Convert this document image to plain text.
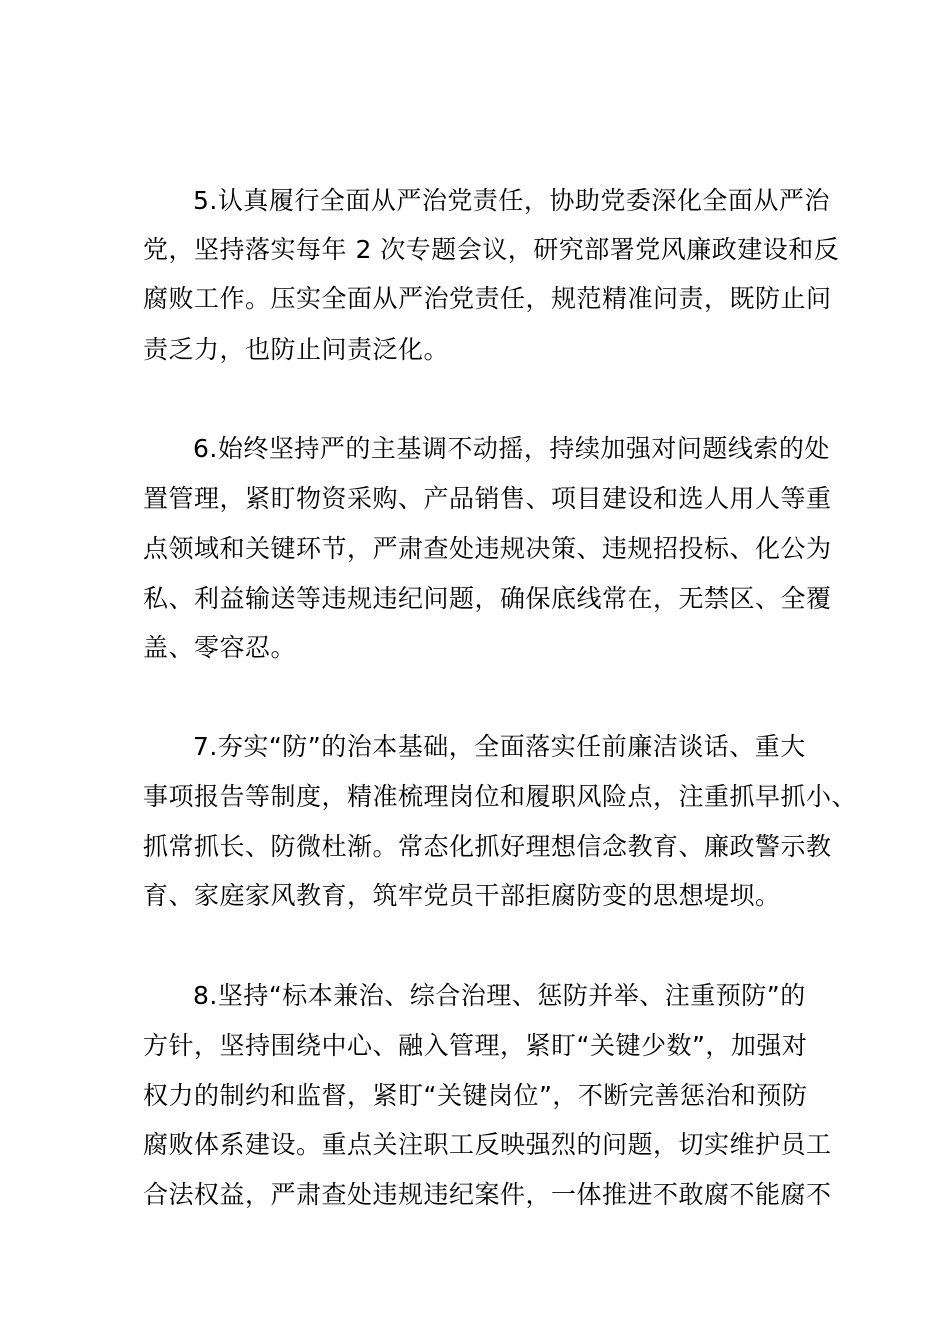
5.认真履行全面从严治党责任，协助党委深化全面从严治
党，坚持落实每年 2 次专题会议，研究部署党风廉政建设和反
腐败工作。压实全面从严治党责任，规范精准问责，既防止问
责乏力，也防止问责泛化。
6.始终坚持严的主基调不动摇，持续加强对问题线索的处
置管理，紧盯物资采购、产品销售、项目建设和选人用人等重
点领域和关键环节，严肃查处违规决策、违规招投标、化公为
私、利益输送等违规违纪问题，确保底线常在，无禁区、全覆
盖、零容忍。
7.夯实“防”的治本基础，全面落实任前廉洁谈话、重大
事项报告等制度，精准梳理岗位和履职风险点，注重抓早抓小、
抓常抓长、防微杜渐。常态化抓好理想信念教育、廉政警示教
育、家庭家风教育，筑牢党员干部拒腐防变的思想堤坝。
8.坚持“标本兼治、综合治理、惩防并举、注重预防”的
方针，坚持围绕中心、融入管理，紧盯“关键少数”，加强对
权力的制约和监督，紧盯“关键岗位”，不断完善惩治和预防
腐败体系建设。重点关注职工反映强烈的问题，切实维护员工
合法权益，严肃查处违规违纪案件，一体推进不敢腐不能腐不
